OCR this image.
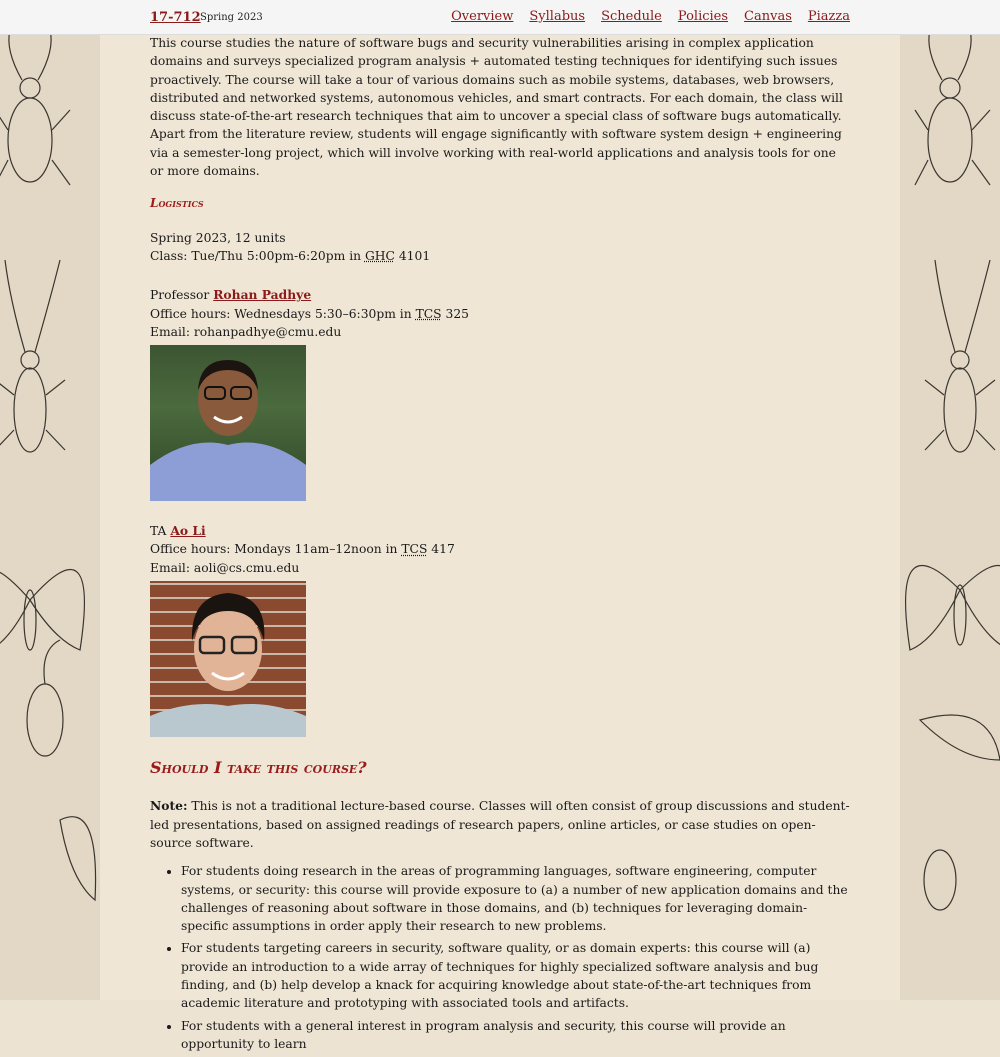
17-712 Spring 2023	Overview Syllabus Schedule Policies Canvas Piazza

This course studies the nature of software bugs and security vulnerabilities arising in complex application domains and surveys specialized program analysis + automated testing techniques for identifying such issues proactively. The course will take a tour of various domains such as mobile systems, databases, web browsers, distributed and networked systems, autonomous vehicles, and smart contracts. For each domain, the class will discuss state-of-the-art research techniques that aim to uncover a special class of software bugs automatically. Apart from the literature review, students will engage significantly with software system design + engineering via a semester-long project, which will involve working with real-world applications and analysis tools for one or more domains.

Logistics

Spring 2023, 12 units

Class: Tue/Thu 5:00pm-6:20pm in GHC 4101

Professor Rohan Padhye

Office hours: Wednesdays 5:30–6:30pm in TCS 325

Email: rohanpadhye@cmu.edu

TA Ao Li

Office hours: Mondays 11am–12noon in TCS 417

Email: aoli@cs.cmu.edu

Should I take this course?

Note: This is not a traditional lecture-based course. Classes will often consist of group discussions and student-led presentations, based on assigned readings of research papers, online articles, or case studies on open-source software.

• For students doing research in the areas of programming languages, software engineering, computer systems, or security: this course will provide exposure to (a) a number of new application domains and the challenges of reasoning about software in those domains, and (b) techniques for leveraging domain-specific assumptions in order apply their research to new problems.
• For students targeting careers in security, software quality, or as domain experts: this course will (a) provide an introduction to a wide array of techniques for highly specialized software analysis and bug finding, and (b) help develop a knack for acquiring knowledge about state-of-the-art techniques from academic literature and prototyping with associated tools and artifacts.
• For students with a general interest in program analysis and security, this course will provide an opportunity to learn
